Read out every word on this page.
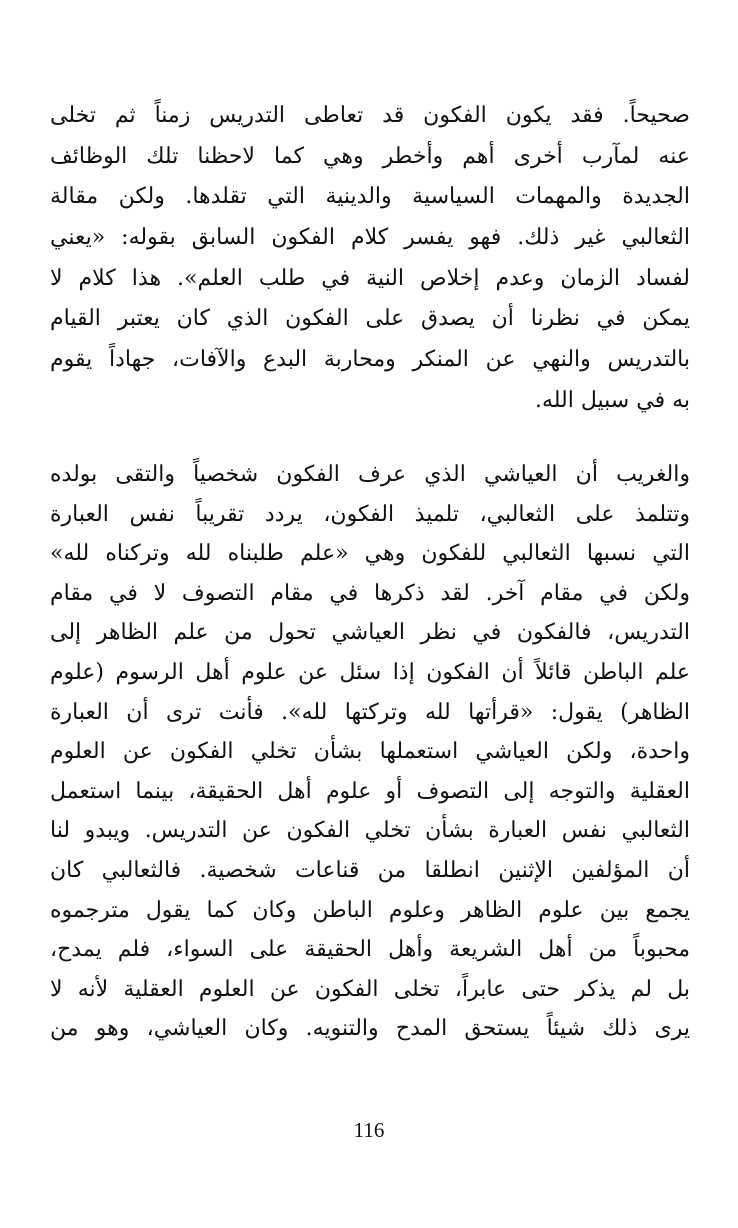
صحيحاً. فقد يكون الفكون قد تعاطى التدريس زمناً ثم تخلى
عنه لمآرب أخرى أهم وأخطر وهي كما لاحظنا تلك الوظائف
الجديدة والمهمات السياسية والدينية التي تقلدها. ولكن مقالة
الثعالبي غير ذلك. فهو يفسر كلام الفكون السابق بقوله: «يعني
لفساد الزمان وعدم إخلاص النية في طلب العلم». هذا كلام لا
يمكن في نظرنا أن يصدق على الفكون الذي كان يعتبر القيام
بالتدريس والنهي عن المنكر ومحاربة البدع والآفات، جهاداً يقوم
به في سبيل الله.
والغريب أن العياشي الذي عرف الفكون شخصياً والتقى بولده
وتتلمذ على الثعالبي، تلميذ الفكون، يردد تقريباً نفس العبارة
التي نسبها الثعالبي للفكون وهي «علم طلبناه لله وتركناه لله»
ولكن في مقام آخر. لقد ذكرها في مقام التصوف لا في مقام
التدريس، فالفكون في نظر العياشي تحول من علم الظاهر إلى
علم الباطن قائلاً أن الفكون إذا سئل عن علوم أهل الرسوم (علوم
الظاهر) يقول: «قرأتها لله وتركتها لله». فأنت ترى أن العبارة
واحدة، ولكن العياشي استعملها بشأن تخلي الفكون عن العلوم
العقلية والتوجه إلى التصوف أو علوم أهل الحقيقة، بينما استعمل
الثعالبي نفس العبارة بشأن تخلي الفكون عن التدريس. ويبدو لنا
أن المؤلفين الإثنين انطلقا من قناعات شخصية. فالثعالبي كان
يجمع بين علوم الظاهر وعلوم الباطن وكان كما يقول مترجموه
محبوباً من أهل الشريعة وأهل الحقيقة على السواء، فلم يمدح،
بل لم يذكر حتى عابراً، تخلى الفكون عن العلوم العقلية لأنه لا
يرى ذلك شيئاً يستحق المدح والتنويه. وكان العياشي، وهو من
116
